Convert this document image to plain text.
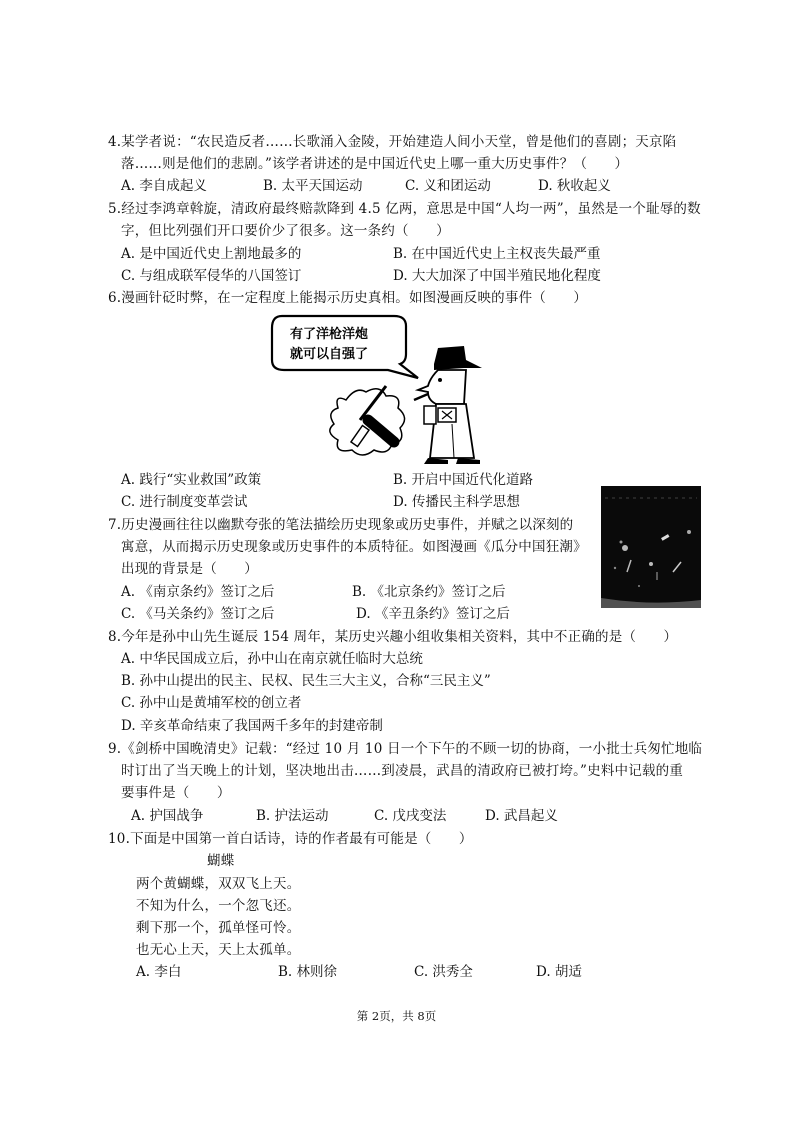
4.某学者说：“农民造反者……长歌涌入金陵，开始建造人间小天堂，曾是他们的喜剧；天京陷
落……则是他们的悲剧。”该学者讲述的是中国近代史上哪一重大历史事件？（　　）
A. 李自成起义	B. 太平天国运动	C. 义和团运动	D. 秋收起义
5.经过李鸿章斡旋，清政府最终赔款降到 4.5 亿两，意思是中国“人均一两”，虽然是一个耻辱的数
字，但比列强们开口要价少了很多。这一条约（　　）
A. 是中国近代史上割地最多的	B. 在中国近代史上主权丧失最严重
C. 与组成联军侵华的八国签订	D. 大大加深了中国半殖民地化程度
6.漫画针砭时弊，在一定程度上能揭示历史真相。如图漫画反映的事件（　　）
有了洋枪洋炮
就可以自强了
A. 践行“实业救国”政策	B. 开启中国近代化道路
C. 进行制度变革尝试	D. 传播民主科学思想
7.历史漫画往往以幽默夸张的笔法描绘历史现象或历史事件，并赋之以深刻的
寓意，从而揭示历史现象或历史事件的本质特征。如图漫画《瓜分中国狂潮》
出现的背景是（　　）
A. 《南京条约》签订之后	B. 《北京条约》签订之后
C. 《马关条约》签订之后	D. 《辛丑条约》签订之后
8.今年是孙中山先生诞辰 154 周年，某历史兴趣小组收集相关资料，其中不正确的是（　　）
A. 中华民国成立后，孙中山在南京就任临时大总统
B. 孙中山提出的民主、民权、民生三大主义，合称“三民主义”
C. 孙中山是黄埔军校的创立者
D. 辛亥革命结束了我国两千多年的封建帝制
9.《剑桥中国晚清史》记载：“经过 10 月 10 日一个下午的不顾一切的协商，一小批士兵匆忙地临
时订出了当天晚上的计划，坚决地出击……到凌晨，武昌的清政府已被打垮。”史料中记载的重
要事件是（　　）
A. 护国战争	B. 护法运动	C. 戊戌变法	D. 武昌起义
10.下面是中国第一首白话诗，诗的作者最有可能是（　　）
蝴蝶
两个黄蝴蝶，双双飞上天。
不知为什么，一个忽飞还。
剩下那一个，孤单怪可怜。
也无心上天，天上太孤单。
A. 李白	B. 林则徐	C. 洪秀全	D. 胡适
第 2页，共 8页
